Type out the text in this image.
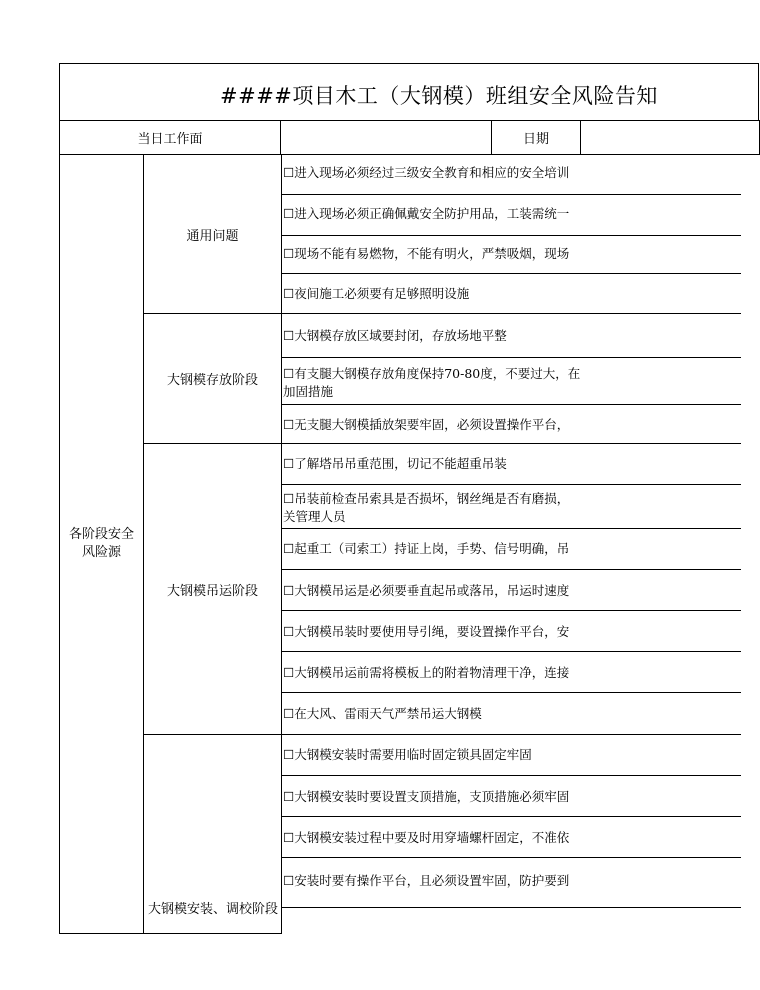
####项目木工（大钢模）班组安全风险告知
当日工作面	日期
各阶段安全风险源
通用问题
大钢模存放阶段
大钢模吊运阶段
大钢模安装、调校阶段
☐进入现场必须经过三级安全教育和相应的安全培训
☐进入现场必须正确佩戴安全防护用品，工装需统一
☐现场不能有易燃物，不能有明火，严禁吸烟，现场
☐夜间施工必须要有足够照明设施
☐大钢模存放区域要封闭，存放场地平整
☐有支腿大钢模存放角度保持70-80度，不要过大，在
加固措施
☐无支腿大钢模插放架要牢固，必须设置操作平台，
☐了解塔吊吊重范围，切记不能超重吊装
☐吊装前检查吊索具是否损坏，钢丝绳是否有磨损，
关管理人员
☐起重工（司索工）持证上岗，手势、信号明确，吊
☐大钢模吊运是必须要垂直起吊或落吊，吊运时速度
☐大钢模吊装时要使用导引绳，要设置操作平台，安
☐大钢模吊运前需将模板上的附着物清理干净，连接
☐在大风、雷雨天气严禁吊运大钢模
☐大钢模安装时需要用临时固定锁具固定牢固
☐大钢模安装时要设置支顶措施，支顶措施必须牢固
☐大钢模安装过程中要及时用穿墙螺杆固定，不准依
☐安装时要有操作平台，且必须设置牢固，防护要到
